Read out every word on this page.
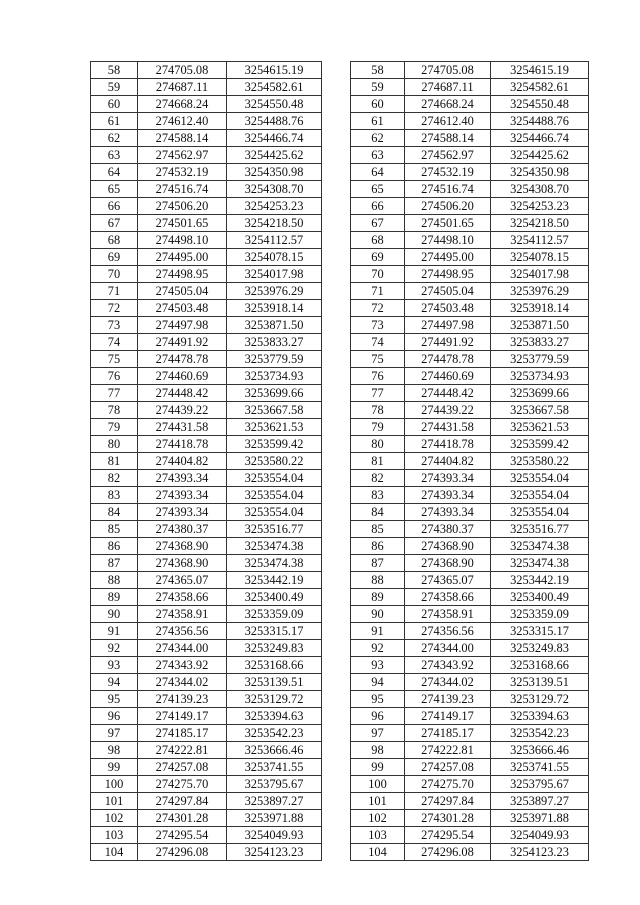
58	274705.08	3254615.19
59	274687.11	3254582.61
60	274668.24	3254550.48
61	274612.40	3254488.76
62	274588.14	3254466.74
63	274562.97	3254425.62
64	274532.19	3254350.98
65	274516.74	3254308.70
66	274506.20	3254253.23
67	274501.65	3254218.50
68	274498.10	3254112.57
69	274495.00	3254078.15
70	274498.95	3254017.98
71	274505.04	3253976.29
72	274503.48	3253918.14
73	274497.98	3253871.50
74	274491.92	3253833.27
75	274478.78	3253779.59
76	274460.69	3253734.93
77	274448.42	3253699.66
78	274439.22	3253667.58
79	274431.58	3253621.53
80	274418.78	3253599.42
81	274404.82	3253580.22
82	274393.34	3253554.04
83	274393.34	3253554.04
84	274393.34	3253554.04
85	274380.37	3253516.77
86	274368.90	3253474.38
87	274368.90	3253474.38
88	274365.07	3253442.19
89	274358.66	3253400.49
90	274358.91	3253359.09
91	274356.56	3253315.17
92	274344.00	3253249.83
93	274343.92	3253168.66
94	274344.02	3253139.51
95	274139.23	3253129.72
96	274149.17	3253394.63
97	274185.17	3253542.23
98	274222.81	3253666.46
99	274257.08	3253741.55
100	274275.70	3253795.67
101	274297.84	3253897.27
102	274301.28	3253971.88
103	274295.54	3254049.93
104	274296.08	3254123.23
58	274705.08	3254615.19
59	274687.11	3254582.61
60	274668.24	3254550.48
61	274612.40	3254488.76
62	274588.14	3254466.74
63	274562.97	3254425.62
64	274532.19	3254350.98
65	274516.74	3254308.70
66	274506.20	3254253.23
67	274501.65	3254218.50
68	274498.10	3254112.57
69	274495.00	3254078.15
70	274498.95	3254017.98
71	274505.04	3253976.29
72	274503.48	3253918.14
73	274497.98	3253871.50
74	274491.92	3253833.27
75	274478.78	3253779.59
76	274460.69	3253734.93
77	274448.42	3253699.66
78	274439.22	3253667.58
79	274431.58	3253621.53
80	274418.78	3253599.42
81	274404.82	3253580.22
82	274393.34	3253554.04
83	274393.34	3253554.04
84	274393.34	3253554.04
85	274380.37	3253516.77
86	274368.90	3253474.38
87	274368.90	3253474.38
88	274365.07	3253442.19
89	274358.66	3253400.49
90	274358.91	3253359.09
91	274356.56	3253315.17
92	274344.00	3253249.83
93	274343.92	3253168.66
94	274344.02	3253139.51
95	274139.23	3253129.72
96	274149.17	3253394.63
97	274185.17	3253542.23
98	274222.81	3253666.46
99	274257.08	3253741.55
100	274275.70	3253795.67
101	274297.84	3253897.27
102	274301.28	3253971.88
103	274295.54	3254049.93
104	274296.08	3254123.23
